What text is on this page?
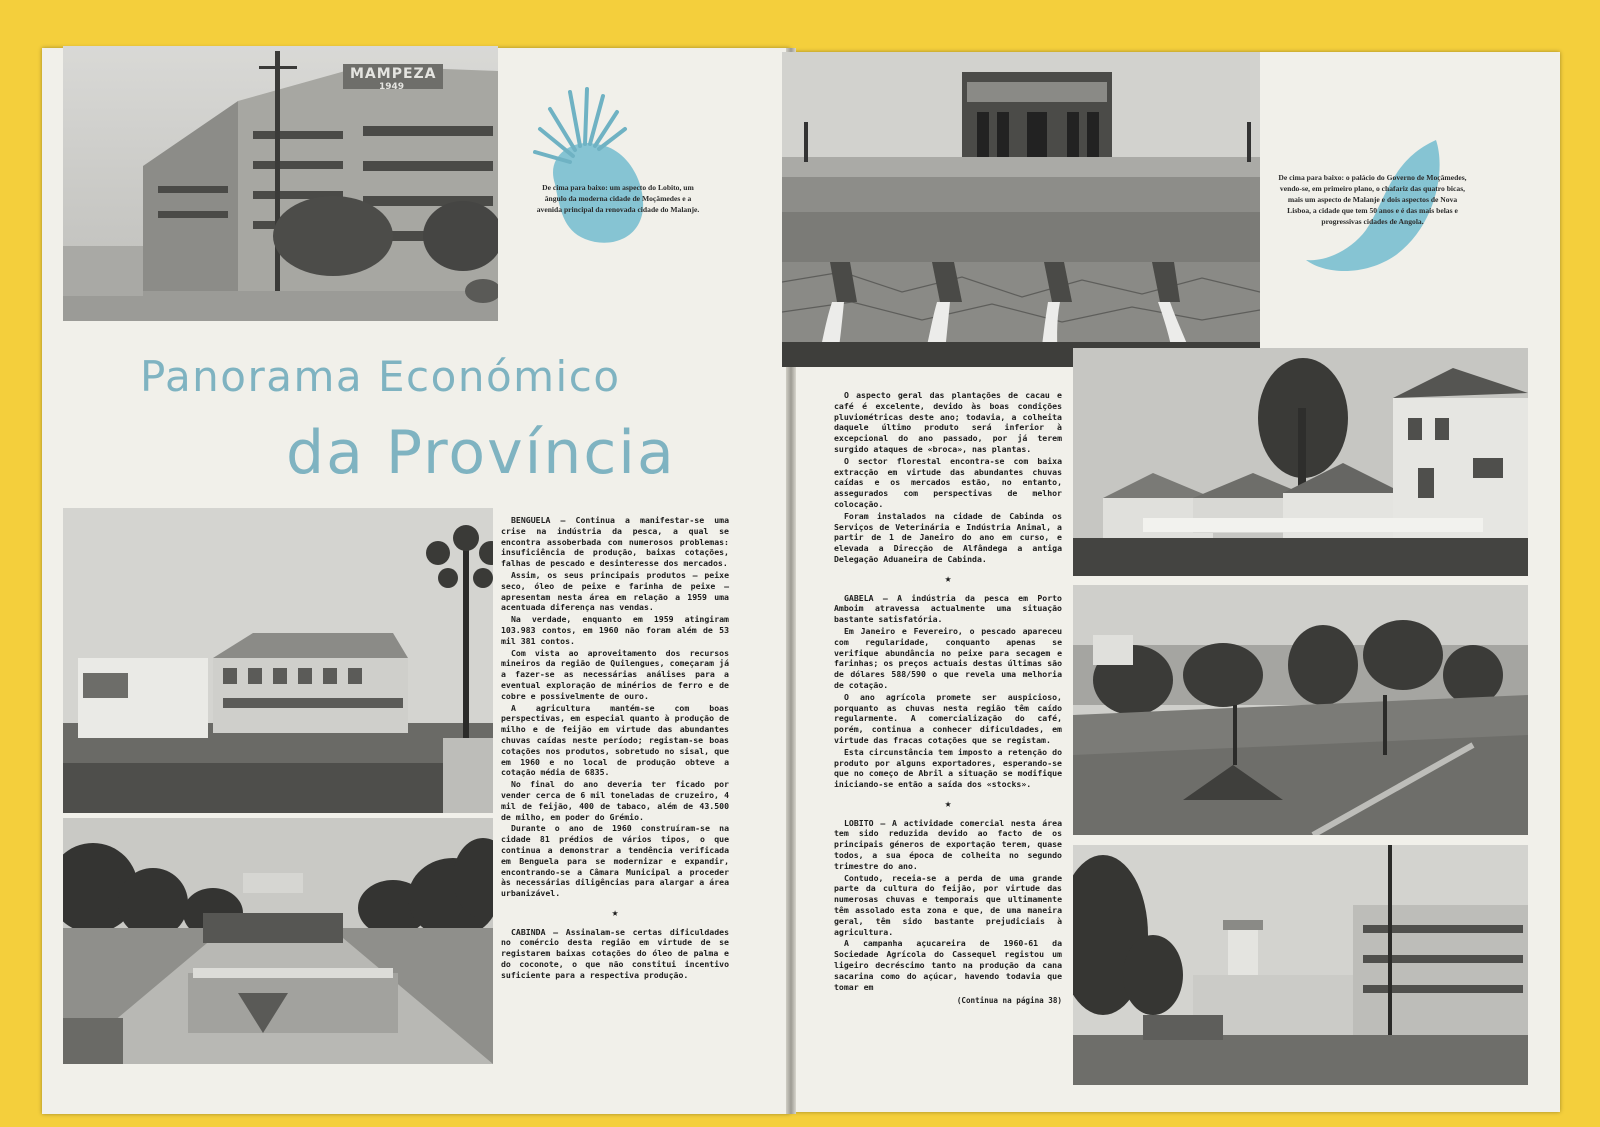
MAMPEZA
1949
De cima para baixo: um aspecto do Lobito, um ângulo da moderna cidade de Moçâmedes e a avenida principal da renovada cidade do Malanje.
Panorama Económico
da Província

BENGUELA — Continua a manifestar-se uma crise na indústria da pesca, a qual se encontra assoberbada com numerosos problemas: insuficiência de produção, baixas cotações, falhas de pescado e desinteresse dos mercados.

Assim, os seus principais produtos — peixe seco, óleo de peixe e farinha de peixe — apresentam nesta área em relação a 1959 uma acentuada diferença nas vendas.

Na verdade, enquanto em 1959 atingiram 103.983 contos, em 1960 não foram além de 53 mil 381 contos.

Com vista ao aproveitamento dos recursos mineiros da região de Quilengues, começaram já a fazer-se as necessárias análises para a eventual exploração de minérios de ferro e de cobre e possivelmente de ouro.

A agricultura mantém-se com boas perspectivas, em especial quanto à produção de milho e de feijão em virtude das abundantes chuvas caídas neste período; registam-se boas cotações nos produtos, sobretudo no sisal, que em 1960 e no local de produção obteve a cotação média de 6835.

No final do ano deveria ter ficado por vender cerca de 6 mil toneladas de cruzeiro, 4 mil de feijão, 400 de tabaco, além de 43.500 de milho, em poder do Grémio.

Durante o ano de 1960 construíram-se na cidade 81 prédios de vários tipos, o que continua a demonstrar a tendência verificada em Benguela para se modernizar e expandir, encontrando-se a Câmara Municipal a proceder às necessárias diligências para alargar a área urbanizável.

★

CABINDA — Assinalam-se certas dificuldades no comércio desta região em virtude de se registarem baixas cotações do óleo de palma e do coconote, o que não constitui incentivo suficiente para a respectiva produção.

De cima para baixo: o palácio do Governo de Moçâmedes, vendo-se, em primeiro plano, o chafariz das quatro bicas, mais um aspecto de Malanje e dois aspectos de Nova Lisboa, a cidade que tem 50 anos e é das mais belas e progressivas cidades de Angola.

O aspecto geral das plantações de cacau e café é excelente, devido às boas condições pluviométricas deste ano; todavia, a colheita daquele último produto será inferior à excepcional do ano passado, por já terem surgido ataques de «broca», nas plantas.

O sector florestal encontra-se com baixa extracção em virtude das abundantes chuvas caídas e os mercados estão, no entanto, assegurados com perspectivas de melhor colocação.

Foram instalados na cidade de Cabinda os Serviços de Veterinária e Indústria Animal, a partir de 1 de Janeiro do ano em curso, e elevada a Direcção de Alfândega a antiga Delegação Aduaneira de Cabinda.

★

GABELA — A indústria da pesca em Porto Amboim atravessa actualmente uma situação bastante satisfatória.

Em Janeiro e Fevereiro, o pescado apareceu com regularidade, conquanto apenas se verifique abundância no peixe para secagem e farinhas; os preços actuais destas últimas são de dólares 588/590 o que revela uma melhoria de cotação.

O ano agrícola promete ser auspicioso, porquanto as chuvas nesta região têm caído regularmente. A comercialização do café, porém, continua a conhecer dificuldades, em virtude das fracas cotações que se registam.

Esta circunstância tem imposto a retenção do produto por alguns exportadores, esperando-se que no começo de Abril a situação se modifique iniciando-se então a saída dos «stocks».

★

LOBITO — A actividade comercial nesta área tem sido reduzida devido ao facto de os principais géneros de exportação terem, quase todos, a sua época de colheita no segundo trimestre do ano.

Contudo, receia-se a perda de uma grande parte da cultura do feijão, por virtude das numerosas chuvas e temporais que ultimamente têm assolado esta zona e que, de uma maneira geral, têm sido bastante prejudiciais à agricultura.

A campanha açucareira de 1960-61 da Sociedade Agrícola do Cassequel registou um ligeiro decréscimo tanto na produção da cana sacarina como do açúcar, havendo todavia que tomar em

(Continua na página 38)
